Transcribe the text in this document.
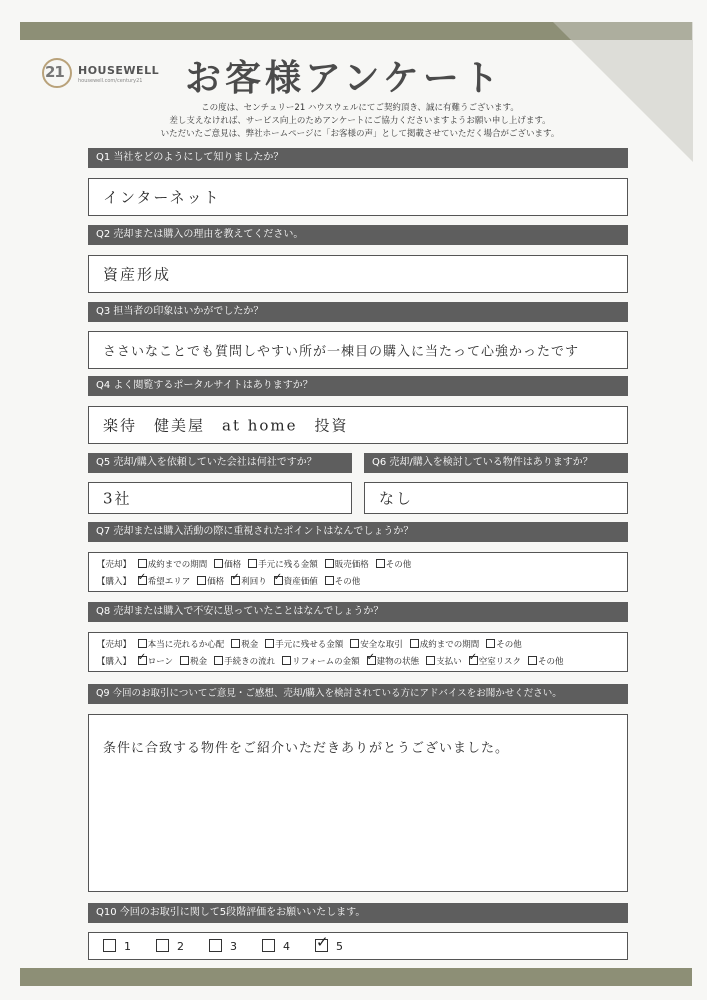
21 HOUSEWELL
housewell.com/century21 お客様アンケート
この度は、センチュリー21 ハウスウェルにてご契約頂き、誠に有難うございます。
差し支えなければ、サービス向上のためアンケートにご協力くださいますようお願い申し上げます。
いただいたご意見は、弊社ホームページに「お客様の声」として掲載させていただく場合がございます。
Q1 当社をどのようにして知りましたか？
インターネット
Q2 売却または購入の理由を教えてください。
資産形成
Q3 担当者の印象はいかがでしたか？
ささいなことでも質問しやすい所が一棟目の購入に当たって心強かったです
Q4 よく閲覧するポータルサイトはありますか？
楽待　健美屋　at home　投資
Q5 売却/購入を依頼していた会社は何社ですか？
3社
Q6 売却/購入を検討している物件はありますか？
なし
Q7 売却または購入活動の際に重視されたポイントはなんでしょうか？
【売却】 成約までの期間 価格 手元に残る金額 販売価格 その他
【購入】 ✓ 希望エリア 価格 ✓ 利回り ✓ 資産価値 その他
Q8 売却または購入で不安に思っていたことはなんでしょうか？
【売却】 本当に売れるか心配 税金 手元に残せる金額 安全な取引 成約までの期間 その他
【購入】 ✓ ローン 税金 手続きの流れ リフォームの金額 ✓ 建物の状態 支払い ✓ 空室リスク その他
Q9 今回のお取引についてご意見・ご感想、売却/購入を検討されている方にアドバイスをお聞かせください。
条件に合致する物件をご紹介いただきありがとうございました。
Q10 今回のお取引に関して5段階評価をお願いいたします。
1	2	3	4 ✓	5
